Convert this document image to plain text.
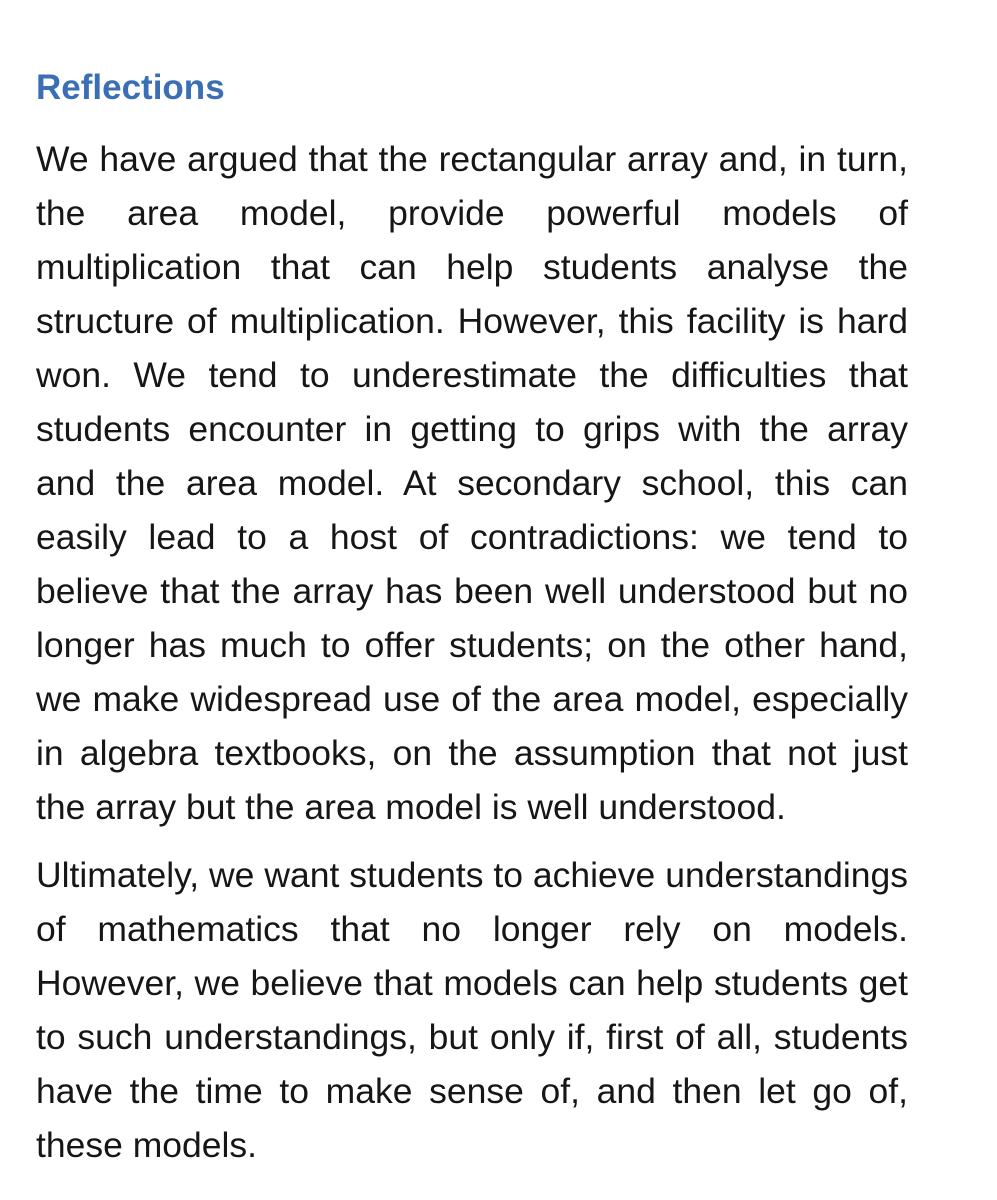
Reflections

We have argued that the rectangular array and, in turn, the area model, provide powerful models of multiplication that can help students analyse the structure of multiplication. However, this facility is hard won. We tend to underestimate the difficulties that students encounter in getting to grips with the array and the area model. At secondary school, this can easily lead to a host of contradictions: we tend to believe that the array has been well understood but no longer has much to offer students; on the other hand, we make widespread use of the area model, especially in algebra textbooks, on the assumption that not just the array but the area model is well understood.

Ultimately, we want students to achieve understandings of mathematics that no longer rely on models. However, we believe that models can help students get to such understandings, but only if, first of all, students have the time to make sense of, and then let go of, these models.
